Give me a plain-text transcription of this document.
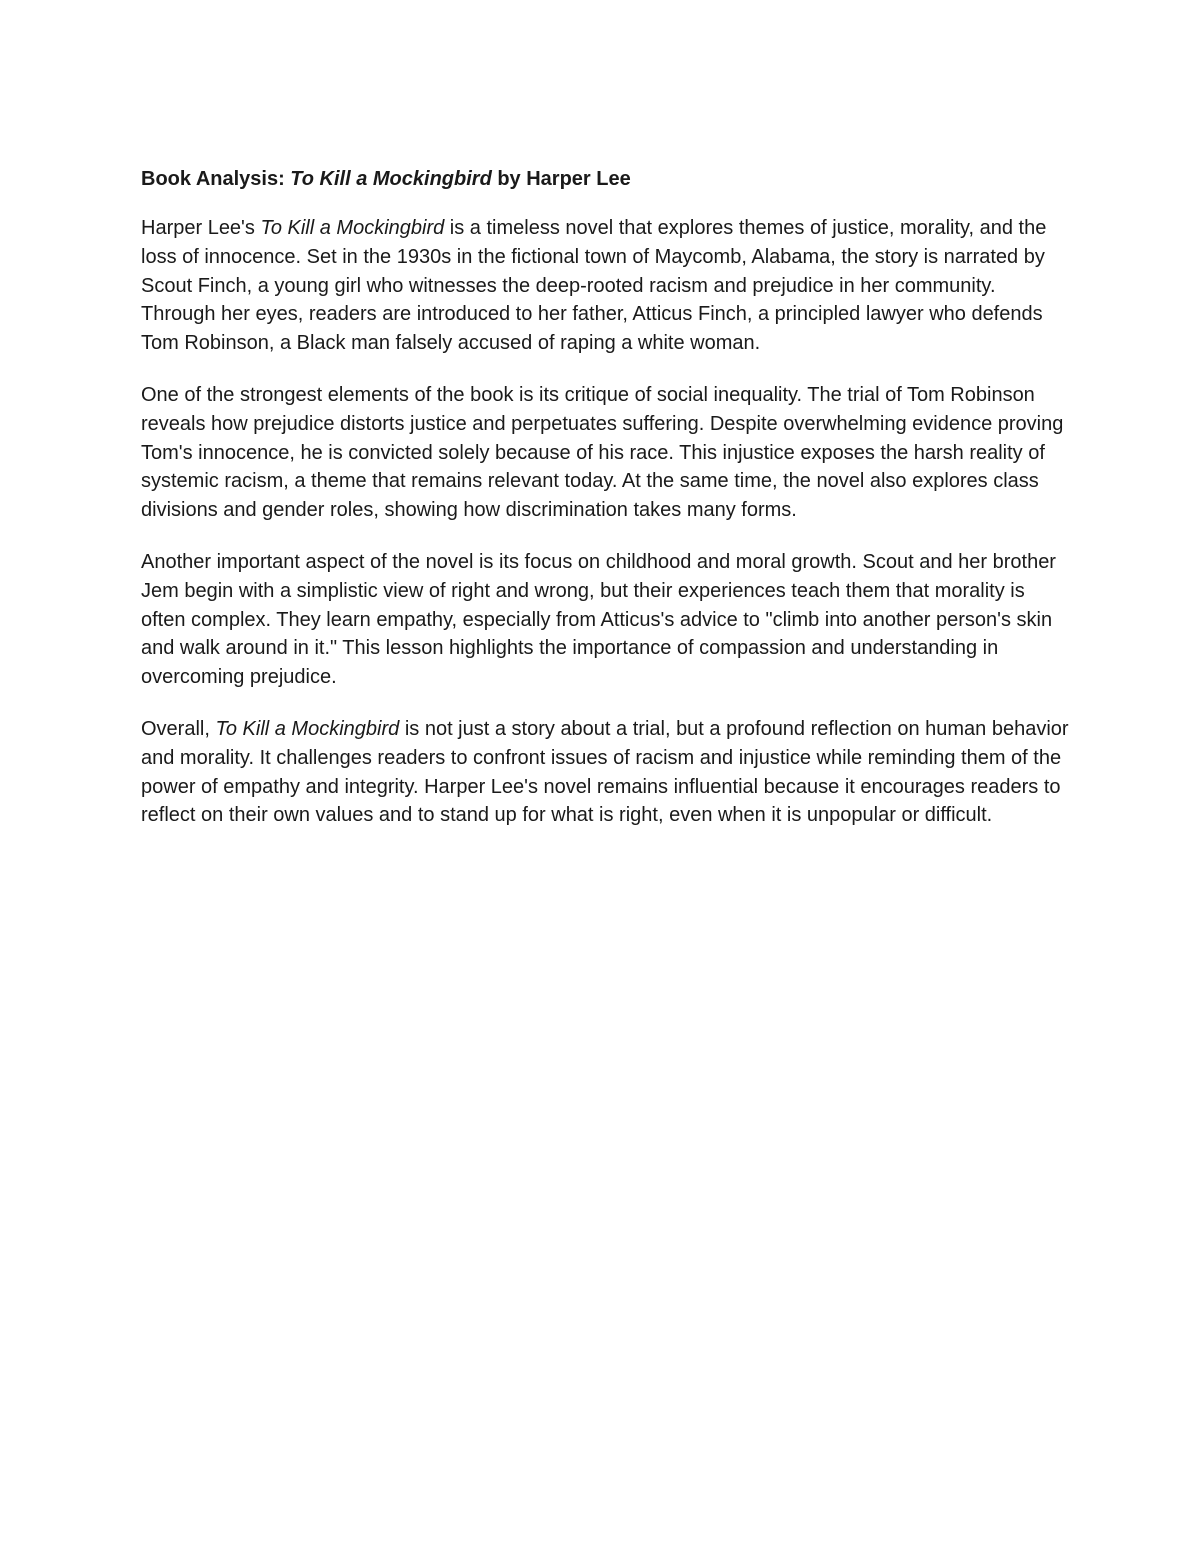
Book Analysis: To Kill a Mockingbird by Harper Lee

Harper Lee's To Kill a Mockingbird is a timeless novel that explores themes of justice, morality, and the loss of innocence. Set in the 1930s in the fictional town of Maycomb, Alabama, the story is narrated by Scout Finch, a young girl who witnesses the deep-rooted racism and prejudice in her community. Through her eyes, readers are introduced to her father, Atticus Finch, a principled lawyer who defends Tom Robinson, a Black man falsely accused of raping a white woman.

One of the strongest elements of the book is its critique of social inequality. The trial of Tom Robinson reveals how prejudice distorts justice and perpetuates suffering. Despite overwhelming evidence proving Tom's innocence, he is convicted solely because of his race. This injustice exposes the harsh reality of systemic racism, a theme that remains relevant today. At the same time, the novel also explores class divisions and gender roles, showing how discrimination takes many forms.

Another important aspect of the novel is its focus on childhood and moral growth. Scout and her brother Jem begin with a simplistic view of right and wrong, but their experiences teach them that morality is often complex. They learn empathy, especially from Atticus's advice to "climb into another person's skin and walk around in it." This lesson highlights the importance of compassion and understanding in overcoming prejudice.

Overall, To Kill a Mockingbird is not just a story about a trial, but a profound reflection on human behavior and morality. It challenges readers to confront issues of racism and injustice while reminding them of the power of empathy and integrity. Harper Lee's novel remains influential because it encourages readers to reflect on their own values and to stand up for what is right, even when it is unpopular or difficult.
